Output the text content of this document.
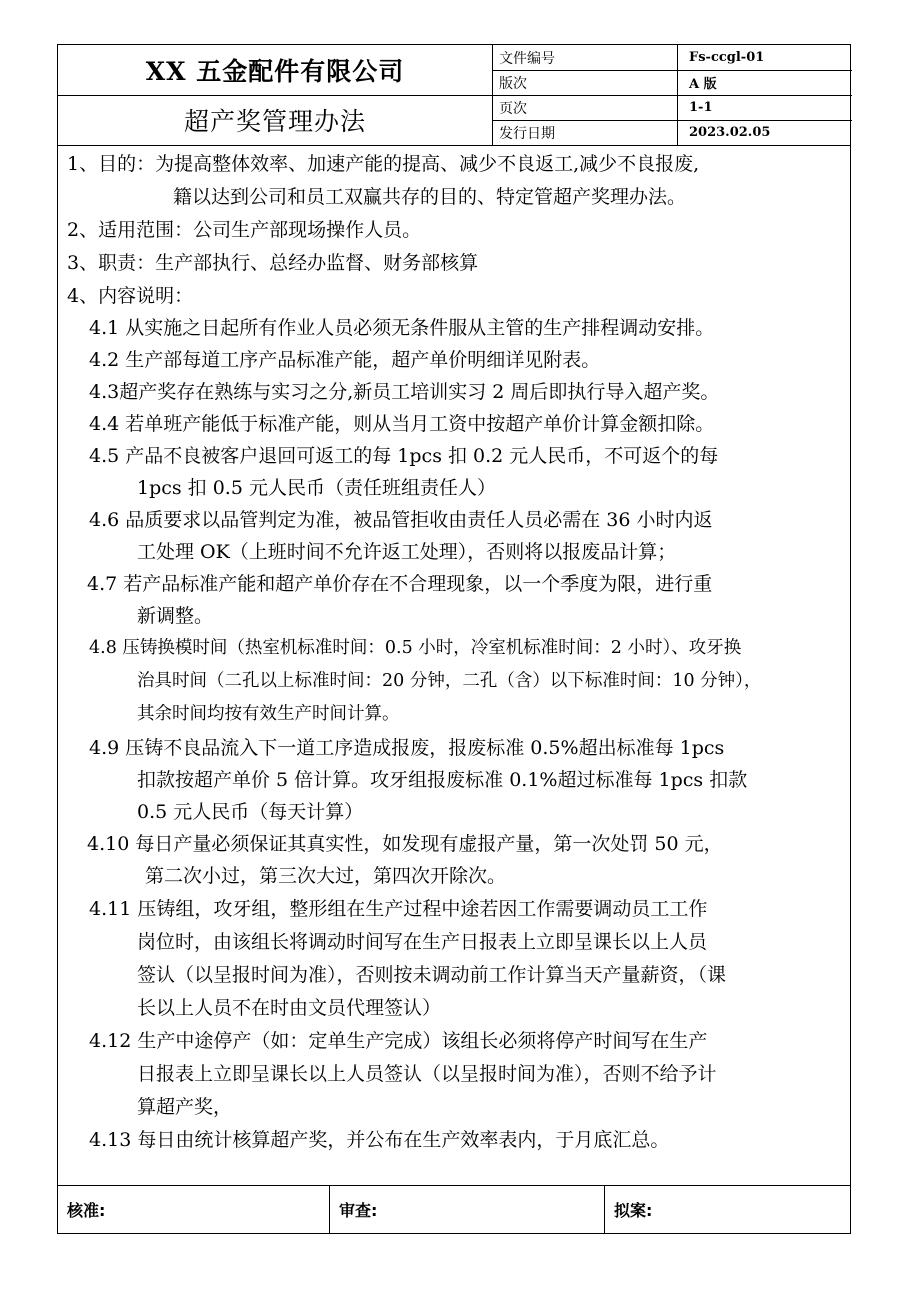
XX 五金配件有限公司
超产奖管理办法
文件编号	Fs-ccgl-01
版次	A 版
页次	1-1
发行日期	2023.02.05
1、目的：为提高整体效率、加速产能的提高、减少不良返工,减少不良报废,
籍以达到公司和员工双赢共存的目的、特定管超产奖理办法。
2、适用范围：公司生产部现场操作人员。
3、职责：生产部执行、总经办监督、财务部核算
4、内容说明：
4.1 从实施之日起所有作业人员必须无条件服从主管的生产排程调动安排。
4.2 生产部每道工序产品标准产能，超产单价明细详见附表。
4.3超产奖存在熟练与实习之分,新员工培训实习 2 周后即执行导入超产奖。
4.4 若单班产能低于标准产能，则从当月工资中按超产单价计算金额扣除。
4.5 产品不良被客户退回可返工的每 1pcs 扣 0.2 元人民币，不可返个的每
1pcs 扣 0.5 元人民币（责任班组责任人）
4.6 品质要求以品管判定为准，被品管拒收由责任人员必需在 36 小时内返
工处理 OK（上班时间不允许返工处理），否则将以报废品计算；
4.7 若产品标准产能和超产单价存在不合理现象，以一个季度为限，进行重
新调整。
4.8 压铸换模时间（热室机标准时间：0.5 小时，冷室机标准时间：2 小时）、攻牙换
治具时间（二孔以上标准时间：20 分钟，二孔（含）以下标准时间：10 分钟），
其余时间均按有效生产时间计算。
4.9 压铸不良品流入下一道工序造成报废，报废标准 0.5%超出标准每 1pcs
扣款按超产单价 5 倍计算。攻牙组报废标准 0.1%超过标准每 1pcs 扣款
0.5 元人民币（每天计算）
4.10 每日产量必须保证其真实性，如发现有虚报产量，第一次处罚 50 元，
第二次小过，第三次大过，第四次开除次。
4.11 压铸组，攻牙组，整形组在生产过程中途若因工作需要调动员工工作
岗位时，由该组长将调动时间写在生产日报表上立即呈课长以上人员
签认（以呈报时间为准），否则按未调动前工作计算当天产量薪资，（课
长以上人员不在时由文员代理签认）
4.12 生产中途停产（如：定单生产完成）该组长必须将停产时间写在生产
日报表上立即呈课长以上人员签认（以呈报时间为准），否则不给予计
算超产奖，
4.13 每日由统计核算超产奖，并公布在生产效率表内，于月底汇总。
核准:	审查:	拟案:
